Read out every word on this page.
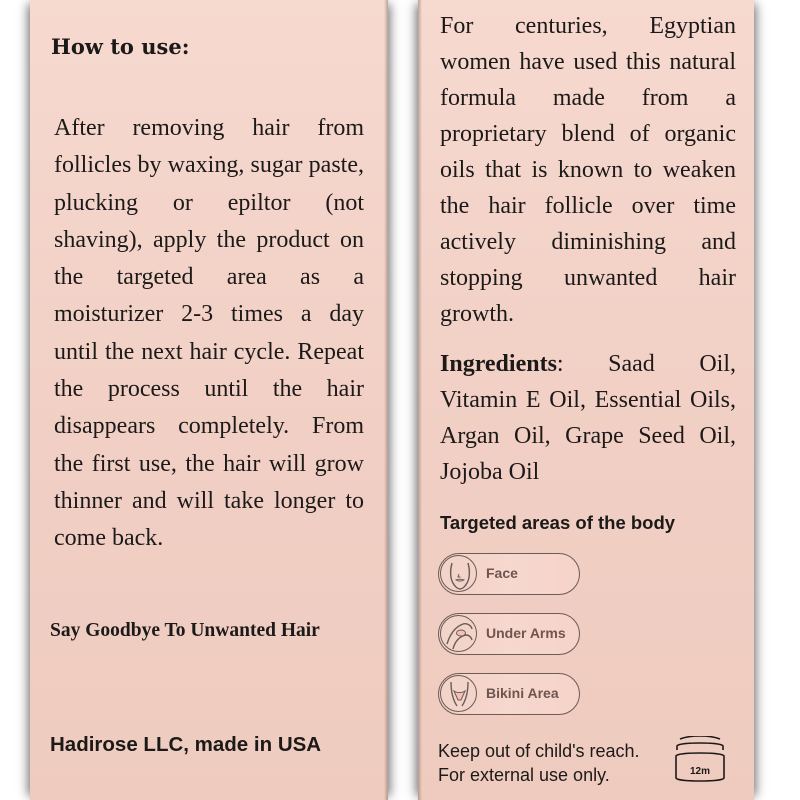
How to use:
After removing hair from follicles by waxing, sugar paste, plucking or epiltor (not shaving), apply the product on the targeted area as a moisturizer 2-3 times a day until the next hair cycle. Repeat the process until the hair disappears completely. From the first use, the hair will grow thinner and will take longer to come back.
Say Goodbye To Unwanted Hair
Hadirose LLC, made in USA
For centuries, Egyptian women have used this natural formula made from a proprietary blend of organic oils that is known to weaken the hair follicle over time actively diminishing and stopping unwanted hair growth.
Ingredients: Saad Oil, Vitamin E Oil, Essential Oils, Argan Oil, Grape Seed Oil, Jojoba Oil
Targeted areas of the body
Face
Under Arms
Bikini Area
Keep out of child's reach.
For external use only.	12m
